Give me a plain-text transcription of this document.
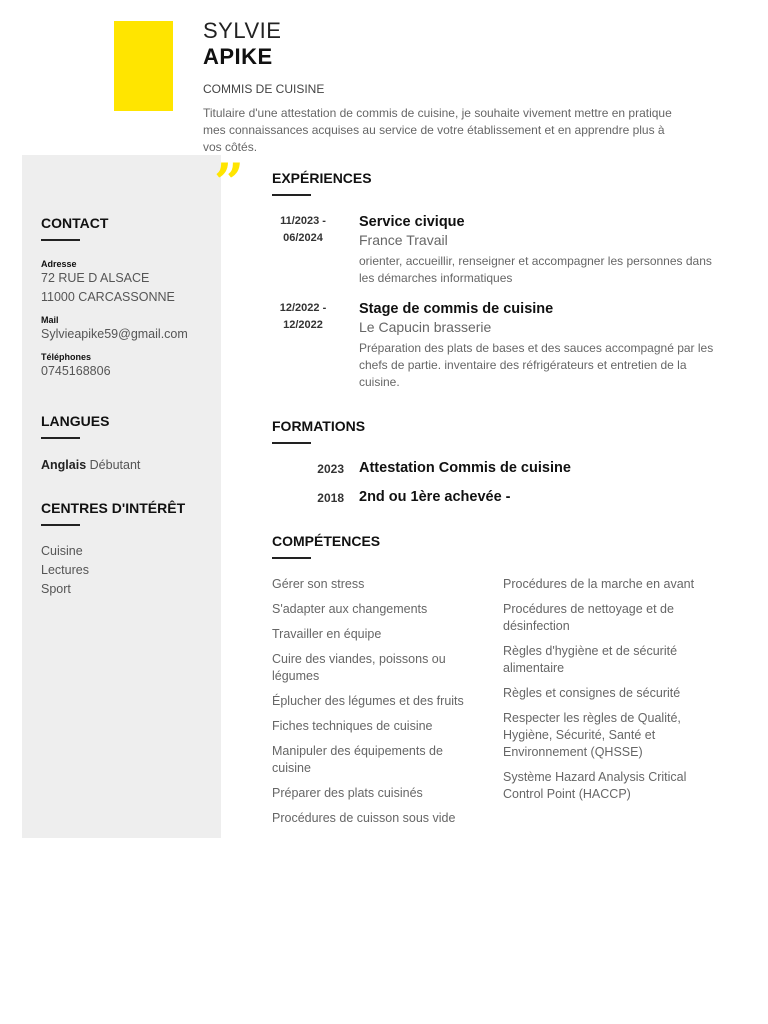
SYLVIE
APIKE
COMMIS DE CUISINE
Titulaire d'une attestation de commis de cuisine, je souhaite vivement mettre en pratique mes connaissances acquises au service de votre établissement et en apprendre plus à vos côtés.
CONTACT
Adresse
72 RUE D ALSACE
11000 CARCASSONNE
Mail
Sylvieapike59@gmail.com
Téléphones
0745168806
LANGUES
Anglais Débutant
CENTRES D'INTÉRÊT
Cuisine
Lectures
Sport
” EXPÉRIENCES
11/2023 -
06/2024
Service civique
France Travail
orienter, accueillir, renseigner et accompagner les personnes dans les démarches informatiques
12/2022 -
12/2022
Stage de commis de cuisine
Le Capucin brasserie
Préparation des plats de bases et des sauces accompagné par les chefs de partie. inventaire des réfrigérateurs et entretien de la cuisine.
FORMATIONS
2023 Attestation Commis de cuisine
2018 2nd ou 1ère achevée -
COMPÉTENCES
Gérer son stress
S'adapter aux changements
Travailler en équipe
Cuire des viandes, poissons ou légumes
Éplucher des légumes et des fruits
Fiches techniques de cuisine
Manipuler des équipements de cuisine
Préparer des plats cuisinés
Procédures de cuisson sous vide
Procédures de la marche en avant
Procédures de nettoyage et de désinfection
Règles d'hygiène et de sécurité alimentaire
Règles et consignes de sécurité
Respecter les règles de Qualité, Hygiène, Sécurité, Santé et Environnement (QHSSE)
Système Hazard Analysis Critical Control Point (HACCP)
